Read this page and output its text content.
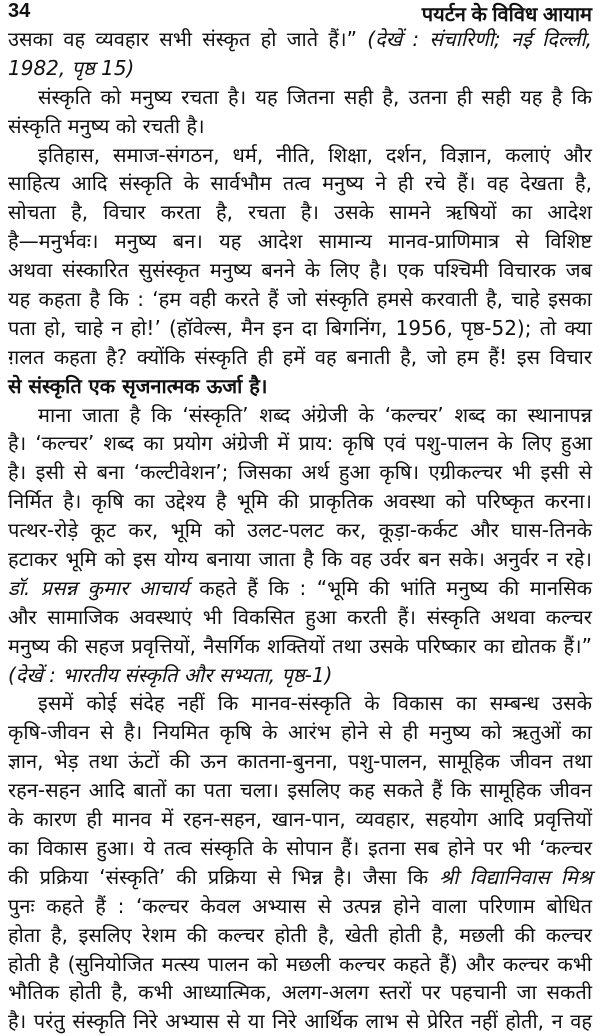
34	पयर्टन के विविध आयाम
उसका वह व्यवहार सभी संस्कृत हो जाते हैं।” (देखें : संचारिणी; नई दिल्ली,
1982, पृष्ठ 15)
संस्कृति को मनुष्य रचता है। यह जितना सही है, उतना ही सही यह है कि
संस्कृति मनुष्य को रचती है।
इतिहास, समाज-संगठन, धर्म, नीति, शिक्षा, दर्शन, विज्ञान, कलाएं और
साहित्य आदि संस्कृति के सार्वभौम तत्व मनुष्य ने ही रचे हैं। वह देखता है,
सोचता है, विचार करता है, रचता है। उसके सामने ऋषियों का आदेश
है—मनुर्भवः। मनुष्य बन। यह आदेश सामान्य मानव-प्राणिमात्र से विशिष्ट
अथवा संस्कारित सुसंस्कृत मनुष्य बनने के लिए है। एक पश्चिमी विचारक जब
यह कहता है कि : ‘हम वही करते हैं जो संस्कृति हमसे करवाती है, चाहे इसका
पता हो, चाहे न हो!’ (हॉवेल्स, मैन इन दा बिगनिंग, 1956, पृष्ठ-52); तो क्या
ग़लत कहता है? क्योंकि संस्कृति ही हमें वह बनाती है, जो हम हैं! इस विचार
से संस्कृति एक सृजनात्मक ऊर्जा है।
माना जाता है कि ‘संस्कृति’ शब्द अंग्रेजी के ‘कल्चर’ शब्द का स्थानापन्न
है। ‘कल्चर’ शब्द का प्रयोग अंग्रेजी में प्राय: कृषि एवं पशु-पालन के लिए हुआ
है। इसी से बना ‘कल्टीवेशन’; जिसका अर्थ हुआ कृषि। एग्रीकल्चर भी इसी से
निर्मित है। कृषि का उद्देश्य है भूमि की प्राकृतिक अवस्था को परिष्कृत करना।
पत्थर-रोड़े कूट कर, भूमि को उलट-पलट कर, कूड़ा-कर्कट और घास-तिनके
हटाकर भूमि को इस योग्य बनाया जाता है कि वह उर्वर बन सके। अनुर्वर न रहे।
डॉ. प्रसन्न कुमार आचार्य कहते हैं कि : “भूमि की भांति मनुष्य की मानसिक
और सामाजिक अवस्थाएं भी विकसित हुआ करती हैं। संस्कृति अथवा कल्चर
मनुष्य की सहज प्रवृत्तियों, नैसर्गिक शक्तियों तथा उसके परिष्कार का द्योतक हैं।”
(देखें : भारतीय संस्कृति और सभ्यता, पृष्ठ-1)
इसमें कोई संदेह नहीं कि मानव-संस्कृति के विकास का सम्बन्ध उसके
कृषि-जीवन से है। नियमित कृषि के आरंभ होने से ही मनुष्य को ऋतुओं का
ज्ञान, भेड़ तथा ऊंटों की ऊन कातना-बुनना, पशु-पालन, सामूहिक जीवन तथा
रहन-सहन आदि बातों का पता चला। इसलिए कह सकते हैं कि सामूहिक जीवन
के कारण ही मानव में रहन-सहन, खान-पान, व्यवहार, सहयोग आदि प्रवृत्तियों
का विकास हुआ। ये तत्व संस्कृति के सोपान हैं। इतना सब होने पर भी ‘कल्चर
की प्रक्रिया ‘संस्कृति’ की प्रक्रिया से भिन्न है। जैसा कि श्री विद्यानिवास मिश्र
पुनः कहते हैं : ‘कल्चर केवल अभ्यास से उत्पन्न होने वाला परिणाम बोधित
होता है, इसलिए रेशम की कल्चर होती है, खेती होती है, मछली की कल्चर
होती है (सुनियोजित मत्स्य पालन को मछली कल्चर कहते हैं) और कल्चर कभी
भौतिक होती है, कभी आध्यात्मिक, अलग-अलग स्तरों पर पहचानी जा सकती
है। परंतु संस्कृति निरे अभ्यास से या निरे आर्थिक लाभ से प्रेरित नहीं होती, न वह
